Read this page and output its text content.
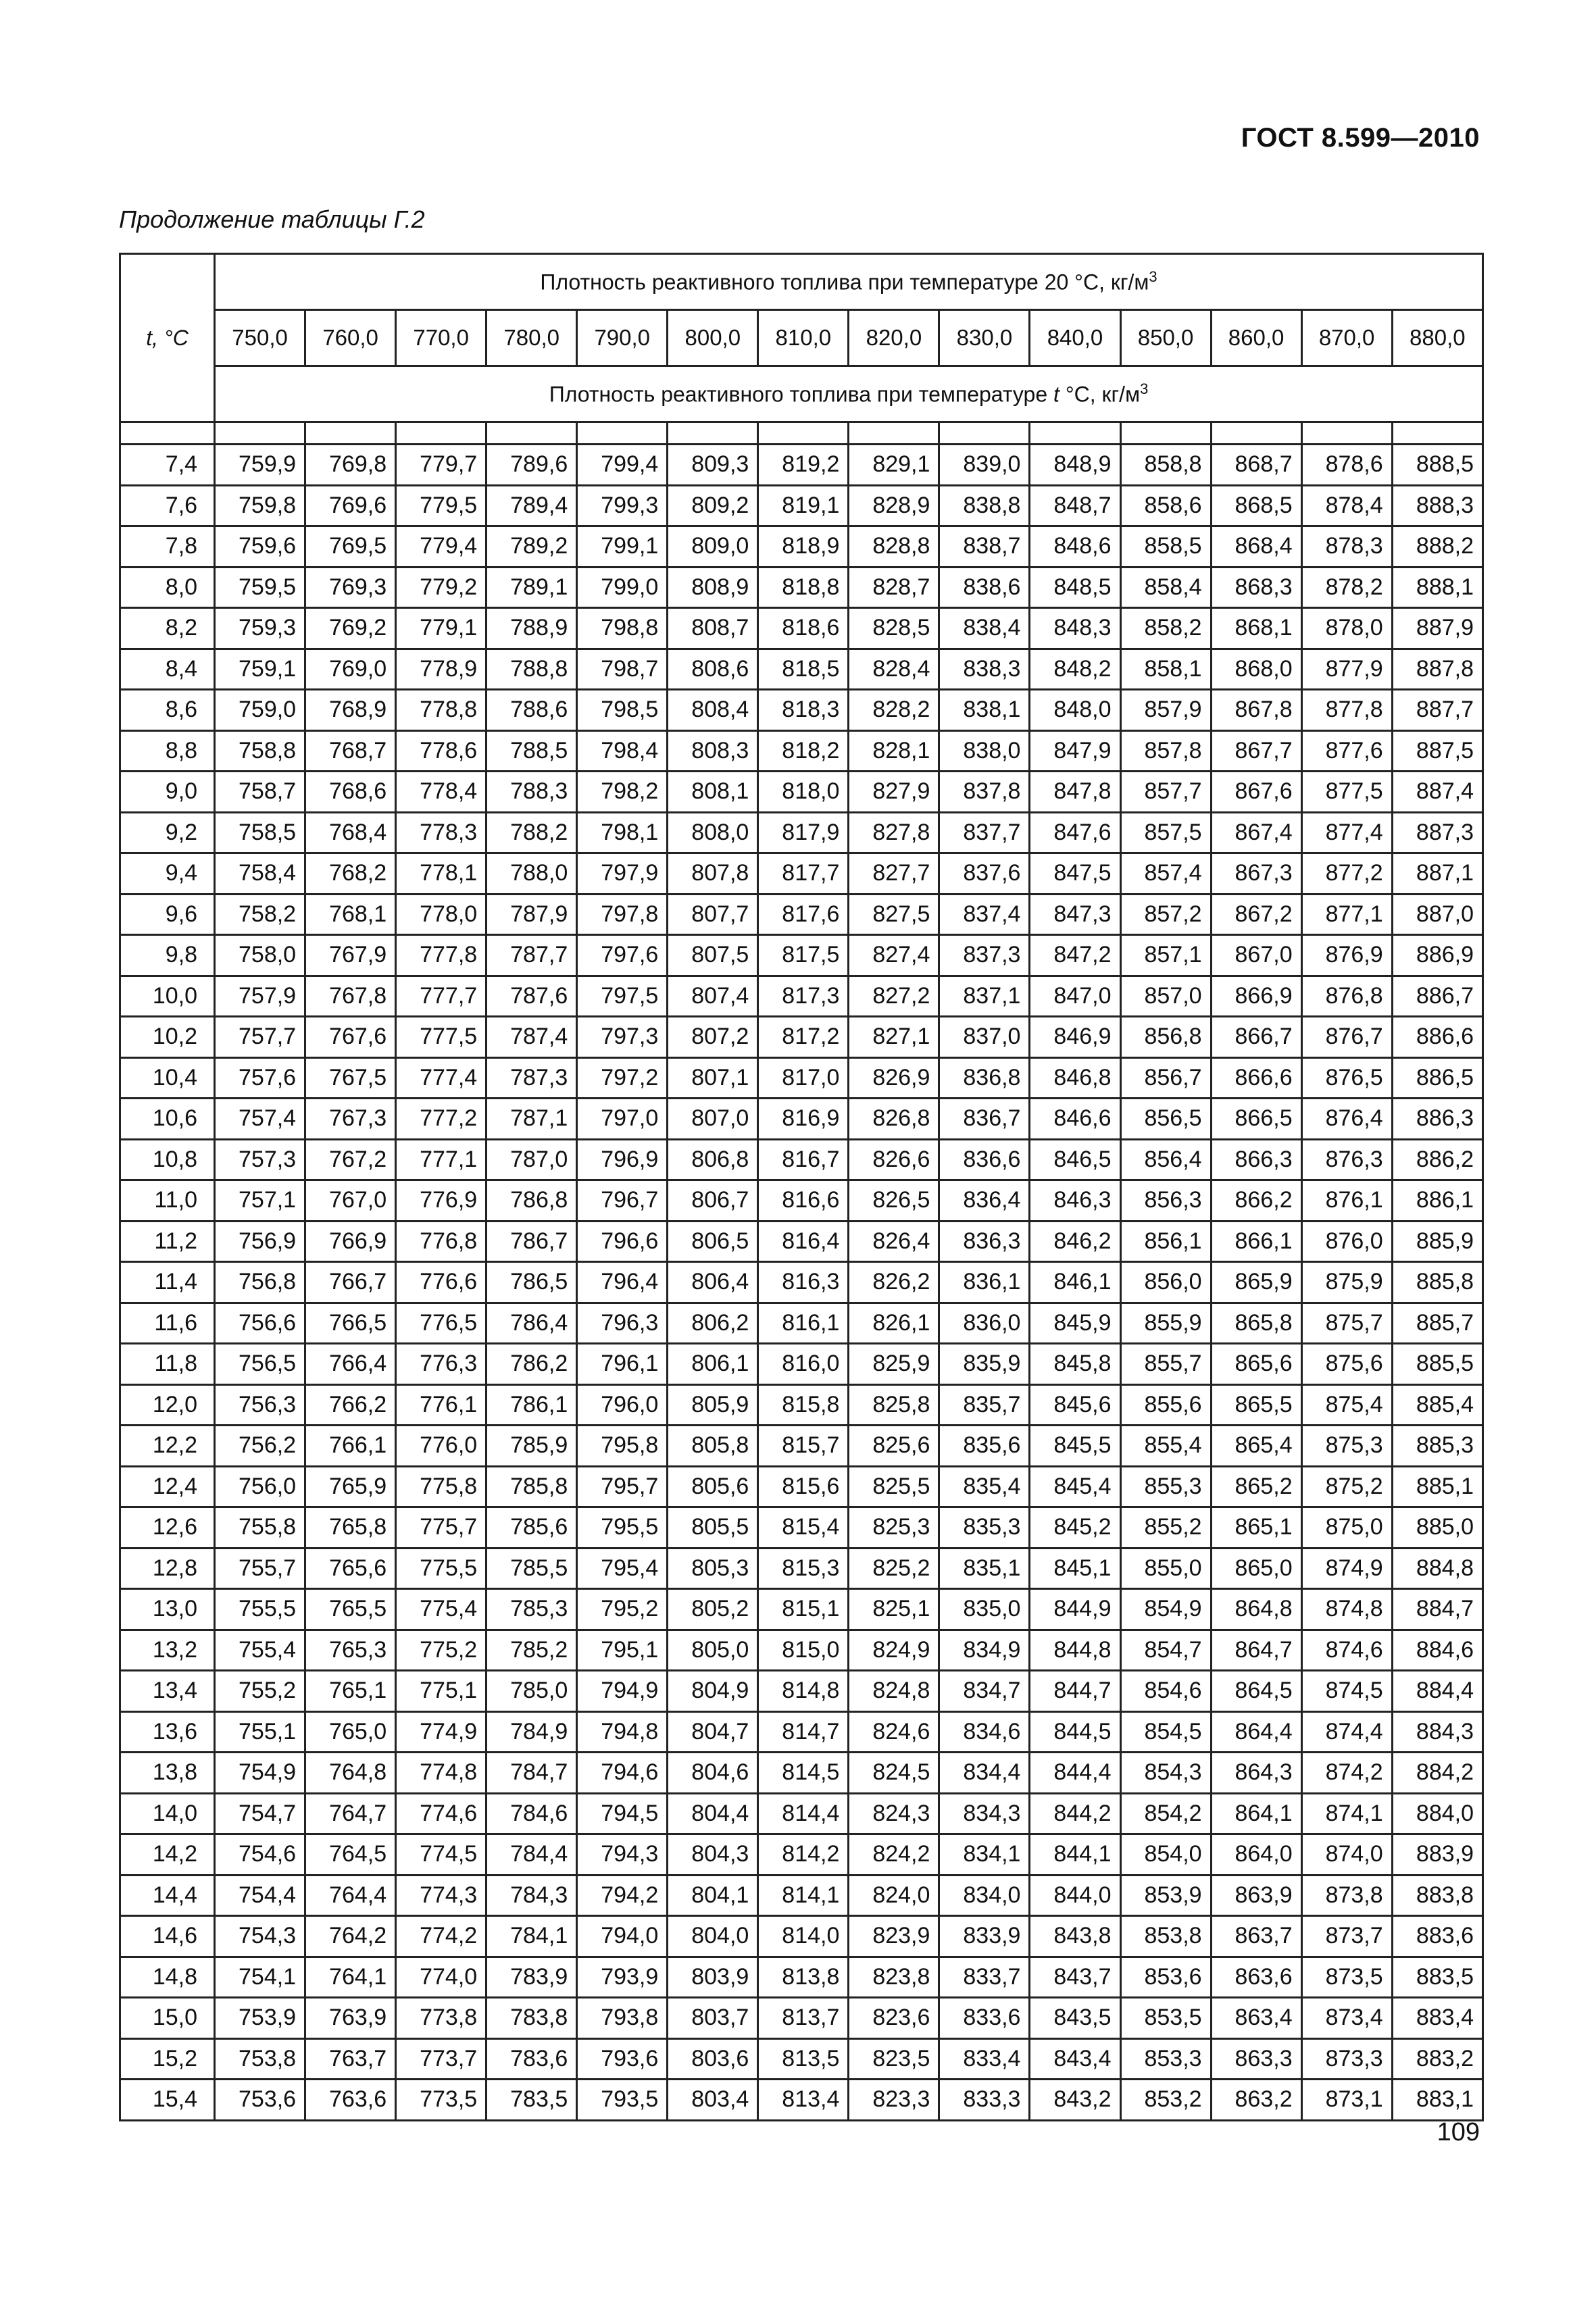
ГОСТ 8.599—2010
Продолжение таблицы Г.2
t, °C	Плотность реактивного топлива при температуре 20 °С, $кг/м^3$
	750,0	760,0	770,0	780,0	790,0	800,0	810,0	820,0	830,0	840,0	850,0	860,0	870,0	880,0
	Плотность реактивного топлива при температуре t °С, $кг/м^3$

7,4	759,9	769,8	779,7	789,6	799,4	809,3	819,2	829,1	839,0	848,9	858,8	868,7	878,6	888,5
7,6	759,8	769,6	779,5	789,4	799,3	809,2	819,1	828,9	838,8	848,7	858,6	868,5	878,4	888,3
7,8	759,6	769,5	779,4	789,2	799,1	809,0	818,9	828,8	838,7	848,6	858,5	868,4	878,3	888,2
8,0	759,5	769,3	779,2	789,1	799,0	808,9	818,8	828,7	838,6	848,5	858,4	868,3	878,2	888,1
8,2	759,3	769,2	779,1	788,9	798,8	808,7	818,6	828,5	838,4	848,3	858,2	868,1	878,0	887,9
8,4	759,1	769,0	778,9	788,8	798,7	808,6	818,5	828,4	838,3	848,2	858,1	868,0	877,9	887,8
8,6	759,0	768,9	778,8	788,6	798,5	808,4	818,3	828,2	838,1	848,0	857,9	867,8	877,8	887,7
8,8	758,8	768,7	778,6	788,5	798,4	808,3	818,2	828,1	838,0	847,9	857,8	867,7	877,6	887,5
9,0	758,7	768,6	778,4	788,3	798,2	808,1	818,0	827,9	837,8	847,8	857,7	867,6	877,5	887,4
9,2	758,5	768,4	778,3	788,2	798,1	808,0	817,9	827,8	837,7	847,6	857,5	867,4	877,4	887,3
9,4	758,4	768,2	778,1	788,0	797,9	807,8	817,7	827,7	837,6	847,5	857,4	867,3	877,2	887,1
9,6	758,2	768,1	778,0	787,9	797,8	807,7	817,6	827,5	837,4	847,3	857,2	867,2	877,1	887,0
9,8	758,0	767,9	777,8	787,7	797,6	807,5	817,5	827,4	837,3	847,2	857,1	867,0	876,9	886,9
10,0	757,9	767,8	777,7	787,6	797,5	807,4	817,3	827,2	837,1	847,0	857,0	866,9	876,8	886,7
10,2	757,7	767,6	777,5	787,4	797,3	807,2	817,2	827,1	837,0	846,9	856,8	866,7	876,7	886,6
10,4	757,6	767,5	777,4	787,3	797,2	807,1	817,0	826,9	836,8	846,8	856,7	866,6	876,5	886,5
10,6	757,4	767,3	777,2	787,1	797,0	807,0	816,9	826,8	836,7	846,6	856,5	866,5	876,4	886,3
10,8	757,3	767,2	777,1	787,0	796,9	806,8	816,7	826,6	836,6	846,5	856,4	866,3	876,3	886,2
11,0	757,1	767,0	776,9	786,8	796,7	806,7	816,6	826,5	836,4	846,3	856,3	866,2	876,1	886,1
11,2	756,9	766,9	776,8	786,7	796,6	806,5	816,4	826,4	836,3	846,2	856,1	866,1	876,0	885,9
11,4	756,8	766,7	776,6	786,5	796,4	806,4	816,3	826,2	836,1	846,1	856,0	865,9	875,9	885,8
11,6	756,6	766,5	776,5	786,4	796,3	806,2	816,1	826,1	836,0	845,9	855,9	865,8	875,7	885,7
11,8	756,5	766,4	776,3	786,2	796,1	806,1	816,0	825,9	835,9	845,8	855,7	865,6	875,6	885,5
12,0	756,3	766,2	776,1	786,1	796,0	805,9	815,8	825,8	835,7	845,6	855,6	865,5	875,4	885,4
12,2	756,2	766,1	776,0	785,9	795,8	805,8	815,7	825,6	835,6	845,5	855,4	865,4	875,3	885,3
12,4	756,0	765,9	775,8	785,8	795,7	805,6	815,6	825,5	835,4	845,4	855,3	865,2	875,2	885,1
12,6	755,8	765,8	775,7	785,6	795,5	805,5	815,4	825,3	835,3	845,2	855,2	865,1	875,0	885,0
12,8	755,7	765,6	775,5	785,5	795,4	805,3	815,3	825,2	835,1	845,1	855,0	865,0	874,9	884,8
13,0	755,5	765,5	775,4	785,3	795,2	805,2	815,1	825,1	835,0	844,9	854,9	864,8	874,8	884,7
13,2	755,4	765,3	775,2	785,2	795,1	805,0	815,0	824,9	834,9	844,8	854,7	864,7	874,6	884,6
13,4	755,2	765,1	775,1	785,0	794,9	804,9	814,8	824,8	834,7	844,7	854,6	864,5	874,5	884,4
13,6	755,1	765,0	774,9	784,9	794,8	804,7	814,7	824,6	834,6	844,5	854,5	864,4	874,4	884,3
13,8	754,9	764,8	774,8	784,7	794,6	804,6	814,5	824,5	834,4	844,4	854,3	864,3	874,2	884,2
14,0	754,7	764,7	774,6	784,6	794,5	804,4	814,4	824,3	834,3	844,2	854,2	864,1	874,1	884,0
14,2	754,6	764,5	774,5	784,4	794,3	804,3	814,2	824,2	834,1	844,1	854,0	864,0	874,0	883,9
14,4	754,4	764,4	774,3	784,3	794,2	804,1	814,1	824,0	834,0	844,0	853,9	863,9	873,8	883,8
14,6	754,3	764,2	774,2	784,1	794,0	804,0	814,0	823,9	833,9	843,8	853,8	863,7	873,7	883,6
14,8	754,1	764,1	774,0	783,9	793,9	803,9	813,8	823,8	833,7	843,7	853,6	863,6	873,5	883,5
15,0	753,9	763,9	773,8	783,8	793,8	803,7	813,7	823,6	833,6	843,5	853,5	863,4	873,4	883,4
15,2	753,8	763,7	773,7	783,6	793,6	803,6	813,5	823,5	833,4	843,4	853,3	863,3	873,3	883,2
15,4	753,6	763,6	773,5	783,5	793,5	803,4	813,4	823,3	833,3	843,2	853,2	863,2	873,1	883,1
109
